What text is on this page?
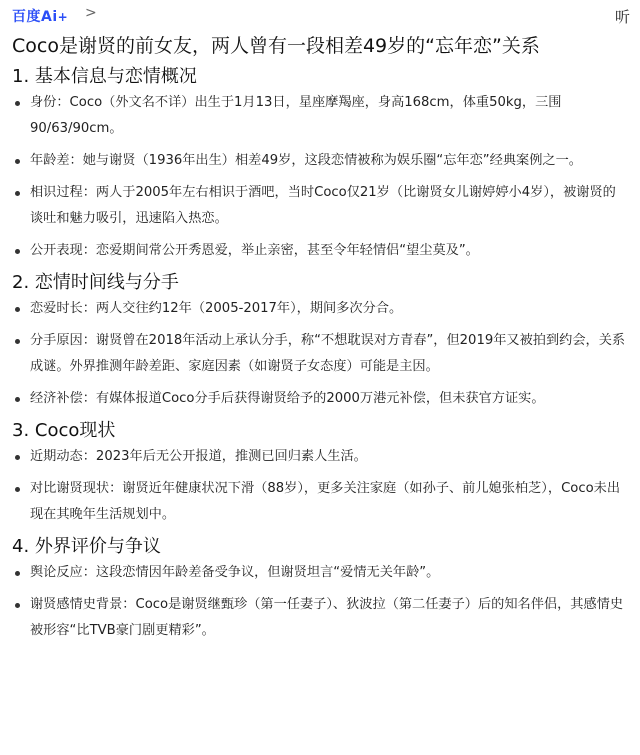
百度Ai+ >	听
Coco是谢贤的前女友，两人曾有一段相差49岁的“忘年恋”关系
1. 基本信息与恋情概况
身份：Coco（外文名不详）出生于1月13日，星座摩羯座，身高168cm，体重50kg，三围90/63/90cm。
年龄差：她与谢贤（1936年出生）相差49岁，这段恋情被称为娱乐圈“忘年恋”经典案例之一。
相识过程：两人于2005年左右相识于酒吧，当时Coco仅21岁（比谢贤女儿谢婷婷小4岁），被谢贤的谈吐和魅力吸引，迅速陷入热恋。
公开表现：恋爱期间常公开秀恩爱，举止亲密，甚至令年轻情侣“望尘莫及”。
2. 恋情时间线与分手
恋爱时长：两人交往约12年（2005-2017年），期间多次分合。
分手原因：谢贤曾在2018年活动上承认分手，称“不想耽误对方青春”，但2019年又被拍到约会，关系成谜。外界推测年龄差距、家庭因素（如谢贤子女态度）可能是主因。
经济补偿：有媒体报道Coco分手后获得谢贤给予的2000万港元补偿，但未获官方证实。
3. Coco现状
近期动态：2023年后无公开报道，推测已回归素人生活。
对比谢贤现状：谢贤近年健康状况下滑（88岁），更多关注家庭（如孙子、前儿媳张柏芝），Coco未出现在其晚年生活规划中。
4. 外界评价与争议
舆论反应：这段恋情因年龄差备受争议，但谢贤坦言“爱情无关年龄”。
谢贤感情史背景：Coco是谢贤继甄珍（第一任妻子）、狄波拉（第二任妻子）后的知名伴侣，其感情史被形容“比TVB豪门剧更精彩”。
